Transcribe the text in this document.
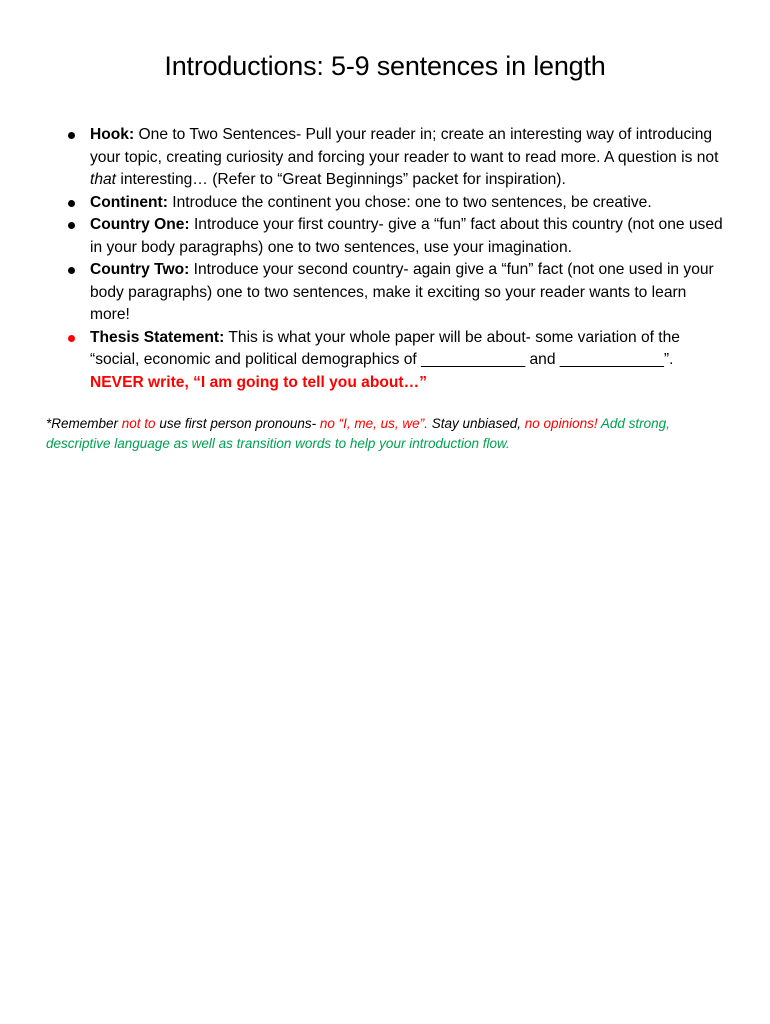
Introductions: 5-9 sentences in length
Hook: One to Two Sentences- Pull your reader in; create an interesting way of introducing your topic, creating curiosity and forcing your reader to want to read more. A question is not that interesting… (Refer to “Great Beginnings” packet for inspiration).
Continent: Introduce the continent you chose: one to two sentences, be creative.
Country One: Introduce your first country- give a “fun” fact about this country (not one used in your body paragraphs) one to two sentences, use your imagination.
Country Two: Introduce your second country- again give a “fun” fact (not one used in your body paragraphs) one to two sentences, make it exciting so your reader wants to learn more!
Thesis Statement: This is what your whole paper will be about- some variation of the “social, economic and political demographics of ____________ and ____________”.
NEVER write, “I am going to tell you about…”
*Remember not to use first person pronouns- no “I, me, us, we”. Stay unbiased, no opinions! Add strong, descriptive language as well as transition words to help your introduction flow.
